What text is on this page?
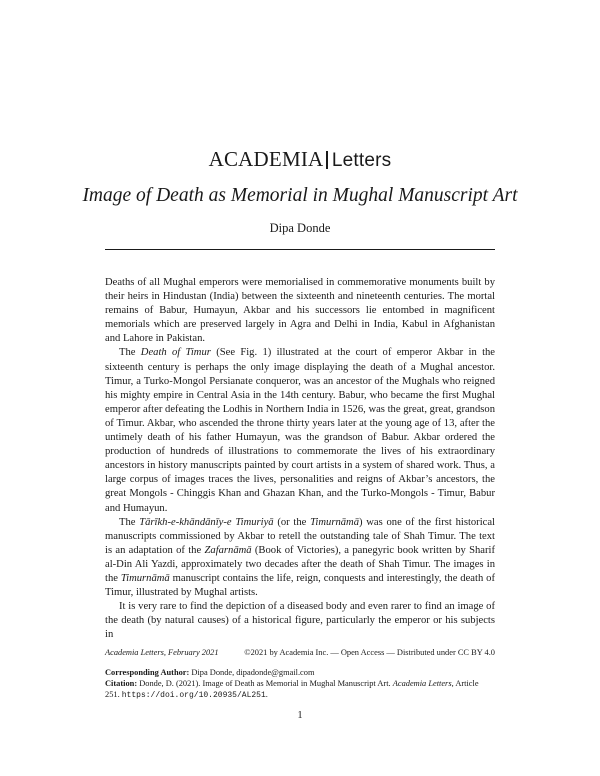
ACADEMIA Letters
Image of Death as Memorial in Mughal Manuscript Art
Dipa Donde

Deaths of all Mughal emperors were memorialised in commemorative monuments built by their heirs in Hindustan (India) between the sixteenth and nineteenth centuries. The mortal remains of Babur, Humayun, Akbar and his successors lie entombed in magnificent memorials which are preserved largely in Agra and Delhi in India, Kabul in Afghanistan and Lahore in Pakistan.

The Death of Timur (See Fig. 1) illustrated at the court of emperor Akbar in the sixteenth century is perhaps the only image displaying the death of a Mughal ancestor. Timur, a Turko-Mongol Persianate conqueror, was an ancestor of the Mughals who reigned his mighty empire in Central Asia in the 14th century. Babur, who became the first Mughal emperor after defeating the Lodhis in Northern India in 1526, was the great, great, grandson of Timur. Akbar, who ascended the throne thirty years later at the young age of 13, after the untimely death of his father Humayun, was the grandson of Babur. Akbar ordered the production of hundreds of illustrations to commemorate the lives of his extraordinary ancestors in history manuscripts painted by court artists in a system of shared work. Thus, a large corpus of images traces the lives, personalities and reigns of Akbar’s ancestors, the great Mongols - Chinggis Khan and Ghazan Khan, and the Turko-Mongols - Timur, Babur and Humayun.

The Tārīkh-e-khāndānīy-e Timuriyā (or the Timurnāmā) was one of the first historical manuscripts commissioned by Akbar to retell the outstanding tale of Shah Timur. The text is an adaptation of the Zafarnāmā (Book of Victories), a panegyric book written by Sharif al-Din Ali Yazdi, approximately two decades after the death of Shah Timur. The images in the Timurnāmā manuscript contains the life, reign, conquests and interestingly, the death of Timur, illustrated by Mughal artists.

It is very rare to find the depiction of a diseased body and even rarer to find an image of the death (by natural causes) of a historical figure, particularly the emperor or his subjects in

Academia Letters, February 2021	©2021 by Academia Inc. — Open Access — Distributed under CC BY 4.0
Corresponding Author: Dipa Donde, dipadonde@gmail.com
Citation: Donde, D. (2021). Image of Death as Memorial in Mughal Manuscript Art. Academia Letters, Article 251. https://doi.org/10.20935/AL251.
1
